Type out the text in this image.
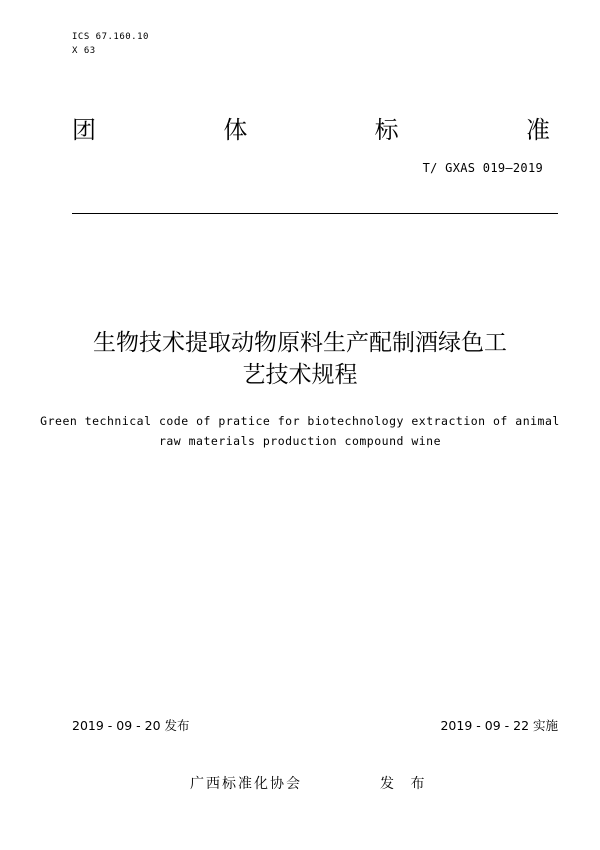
ICS 67.160.10
X 63
团	体	标	准
T/ GXAS 019—2019
生物技术提取动物原料生产配制酒绿色工
艺技术规程
Green technical code of pratice for biotechnology extraction of animal
raw materials production compound wine
2019 - 09 - 20 发布	2019 - 09 - 22 实施
广西标准化协会	发 布
